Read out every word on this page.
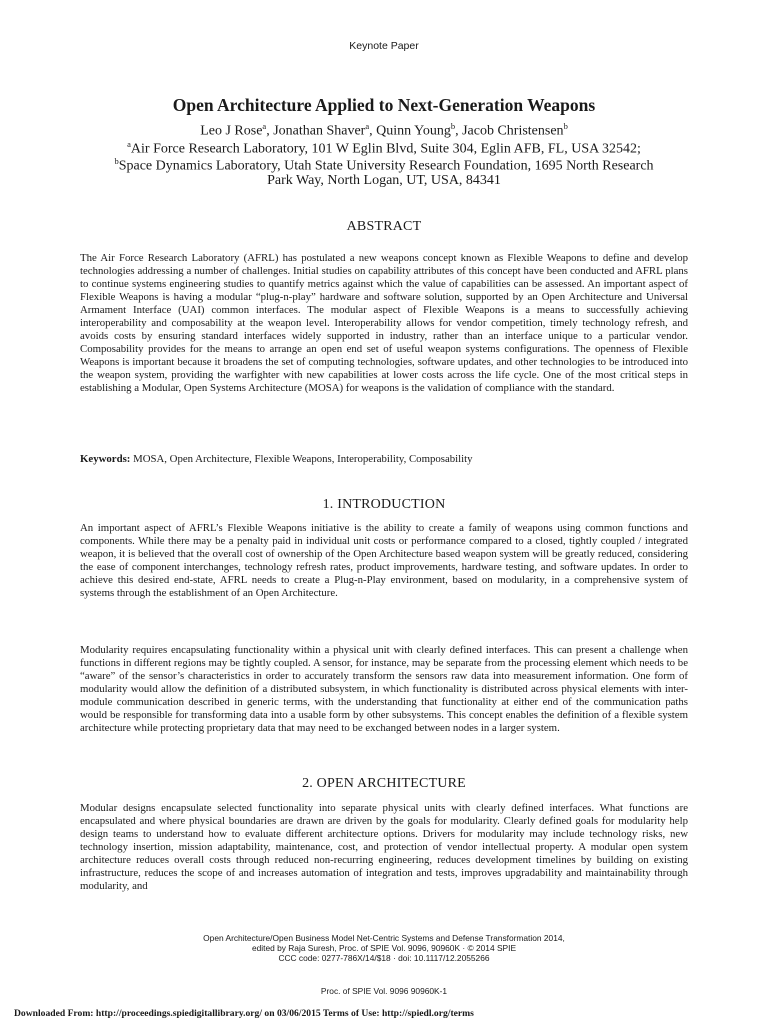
Keynote Paper
Open Architecture Applied to Next-Generation Weapons
Leo J Rose$^a$, Jonathan Shaver$^a$, Quinn Young$^b$, Jacob Christensen$^b$
$^a$Air Force Research Laboratory, 101 W Eglin Blvd, Suite 304, Eglin AFB, FL, USA 32542;
$^b$Space Dynamics Laboratory, Utah State University Research Foundation, 1695 North Research
Park Way, North Logan, UT, USA, 84341
ABSTRACT
The Air Force Research Laboratory (AFRL) has postulated a new weapons concept known as Flexible Weapons to define and develop technologies addressing a number of challenges. Initial studies on capability attributes of this concept have been conducted and AFRL plans to continue systems engineering studies to quantify metrics against which the value of capabilities can be assessed. An important aspect of Flexible Weapons is having a modular “plug-n-play” hardware and software solution, supported by an Open Architecture and Universal Armament Interface (UAI) common interfaces. The modular aspect of Flexible Weapons is a means to successfully achieving interoperability and composability at the weapon level. Interoperability allows for vendor competition, timely technology refresh, and avoids costs by ensuring standard interfaces widely supported in industry, rather than an interface unique to a particular vendor. Composability provides for the means to arrange an open end set of useful weapon systems configurations. The openness of Flexible Weapons is important because it broadens the set of computing technologies, software updates, and other technologies to be introduced into the weapon system, providing the warfighter with new capabilities at lower costs across the life cycle. One of the most critical steps in establishing a Modular, Open Systems Architecture (MOSA) for weapons is the validation of compliance with the standard.
Keywords: MOSA, Open Architecture, Flexible Weapons, Interoperability, Composability
1. INTRODUCTION
An important aspect of AFRL’s Flexible Weapons initiative is the ability to create a family of weapons using common functions and components. While there may be a penalty paid in individual unit costs or performance compared to a closed, tightly coupled / integrated weapon, it is believed that the overall cost of ownership of the Open Architecture based weapon system will be greatly reduced, considering the ease of component interchanges, technology refresh rates, product improvements, hardware testing, and software updates. In order to achieve this desired end-state, AFRL needs to create a Plug-n-Play environment, based on modularity, in a comprehensive system of systems through the establishment of an Open Architecture.
Modularity requires encapsulating functionality within a physical unit with clearly defined interfaces. This can present a challenge when functions in different regions may be tightly coupled. A sensor, for instance, may be separate from the processing element which needs to be “aware” of the sensor’s characteristics in order to accurately transform the sensors raw data into measurement information. One form of modularity would allow the definition of a distributed subsystem, in which functionality is distributed across physical elements with inter-module communication described in generic terms, with the understanding that functionality at either end of the communication paths would be responsible for transforming data into a usable form by other subsystems. This concept enables the definition of a flexible system architecture while protecting proprietary data that may need to be exchanged between nodes in a larger system.
2. OPEN ARCHITECTURE
Modular designs encapsulate selected functionality into separate physical units with clearly defined interfaces. What functions are encapsulated and where physical boundaries are drawn are driven by the goals for modularity. Clearly defined goals for modularity help design teams to understand how to evaluate different architecture options. Drivers for modularity may include technology risks, new technology insertion, mission adaptability, maintenance, cost, and protection of vendor intellectual property. A modular open system architecture reduces overall costs through reduced non-recurring engineering, reduces development timelines by building on existing infrastructure, reduces the scope of and increases automation of integration and tests, improves upgradability and maintainability through modularity, and
Open Architecture/Open Business Model Net-Centric Systems and Defense Transformation 2014,
edited by Raja Suresh, Proc. of SPIE Vol. 9096, 90960K · © 2014 SPIE
CCC code: 0277-786X/14/$18 · doi: 10.1117/12.2055266
Proc. of SPIE Vol. 9096 90960K-1
Downloaded From: http://proceedings.spiedigitallibrary.org/ on 03/06/2015 Terms of Use: http://spiedl.org/terms
